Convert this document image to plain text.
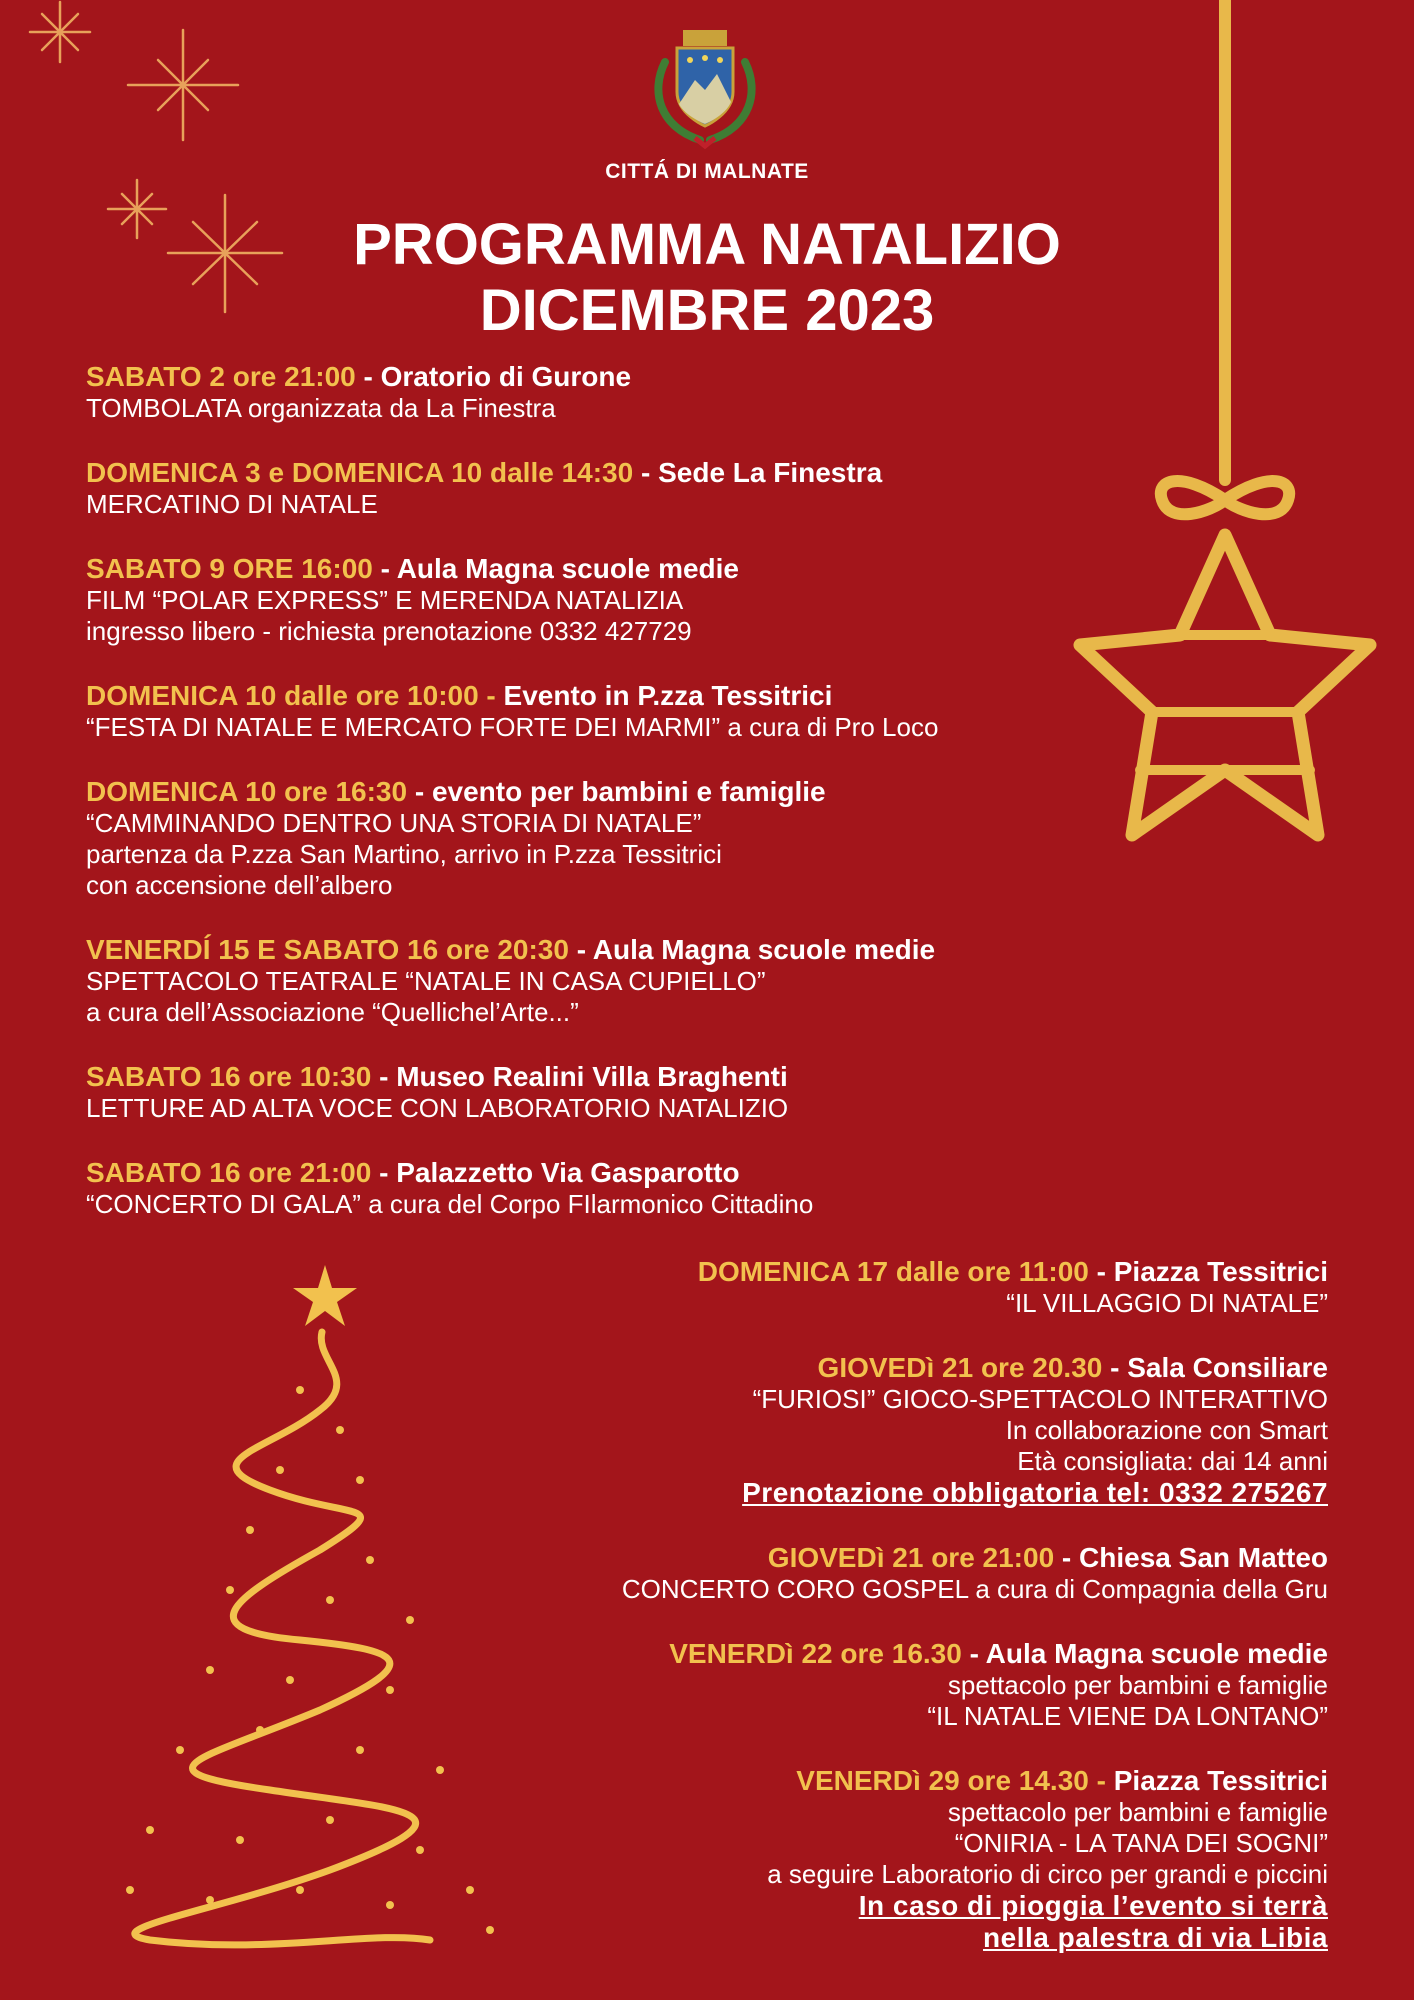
CITTÁ DI MALNATE
PROGRAMMA NATALIZIO
DICEMBRE 2023
SABATO 2 ore 21:00 - Oratorio di Gurone
TOMBOLATA organizzata da La Finestra
DOMENICA 3 e DOMENICA 10 dalle 14:30 - Sede La Finestra
MERCATINO DI NATALE
SABATO 9 ORE 16:00 - Aula Magna scuole medie
FILM “POLAR EXPRESS” E MERENDA NATALIZIA
ingresso libero - richiesta prenotazione 0332 427729
DOMENICA 10 dalle ore 10:00 - Evento in P.zza Tessitrici
“FESTA DI NATALE E MERCATO FORTE DEI MARMI” a cura di Pro Loco
DOMENICA 10 ore 16:30 - evento per bambini e famiglie
“CAMMINANDO DENTRO UNA STORIA DI NATALE”
partenza da P.zza San Martino, arrivo in P.zza Tessitrici
con accensione dell’albero
VENERDÍ 15 E SABATO 16 ore 20:30 - Aula Magna scuole medie
SPETTACOLO TEATRALE “NATALE IN CASA CUPIELLO”
a cura dell’Associazione “Quellichel’Arte...”
SABATO 16 ore 10:30 - Museo Realini Villa Braghenti
LETTURE AD ALTA VOCE CON LABORATORIO NATALIZIO
SABATO 16 ore 21:00 - Palazzetto Via Gasparotto
“CONCERTO DI GALA” a cura del Corpo FIlarmonico Cittadino
DOMENICA 17 dalle ore 11:00 - Piazza Tessitrici
“IL VILLAGGIO DI NATALE”
GIOVEDì 21 ore 20.30 - Sala Consiliare
“FURIOSI” GIOCO-SPETTACOLO INTERATTIVO
In collaborazione con Smart
Età consigliata: dai 14 anni
Prenotazione obbligatoria tel: 0332 275267
GIOVEDì 21 ore 21:00 - Chiesa San Matteo
CONCERTO CORO GOSPEL a cura di Compagnia della Gru
VENERDì 22 ore 16.30 - Aula Magna scuole medie
spettacolo per bambini e famiglie
“IL NATALE VIENE DA LONTANO”
VENERDì 29 ore 14.30 - Piazza Tessitrici
spettacolo per bambini e famiglie
“ONIRIA - LA TANA DEI SOGNI”
a seguire Laboratorio di circo per grandi e piccini
In caso di pioggia l’evento si terrà
nella palestra di via Libia
